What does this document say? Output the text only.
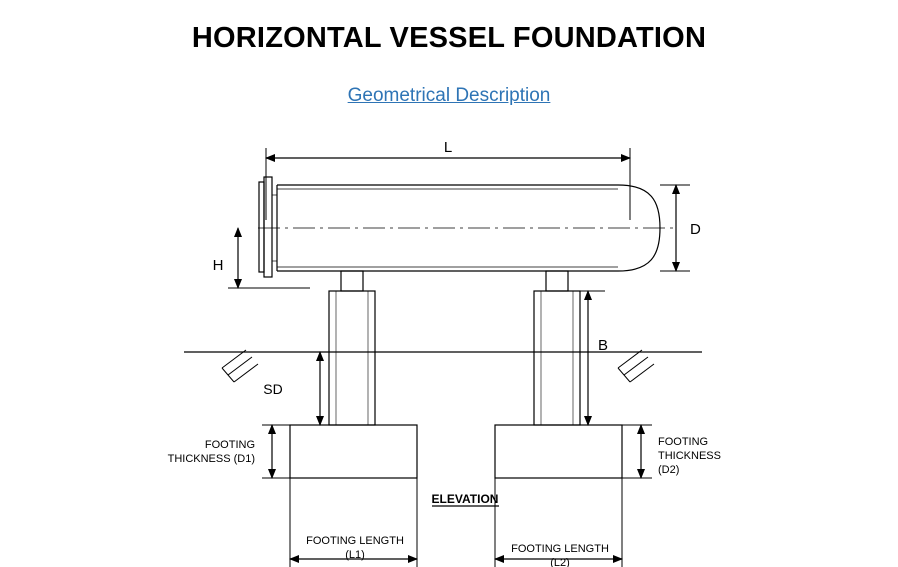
HORIZONTAL VESSEL FOUNDATION
Geometrical Description
L
D
H
B
SD
FOOTING
THICKNESS (D1)
FOOTING
THICKNESS
(D2)
ELEVATION
FOOTING LENGTH
(L1)	FOOTING LENGTH
(L2)
